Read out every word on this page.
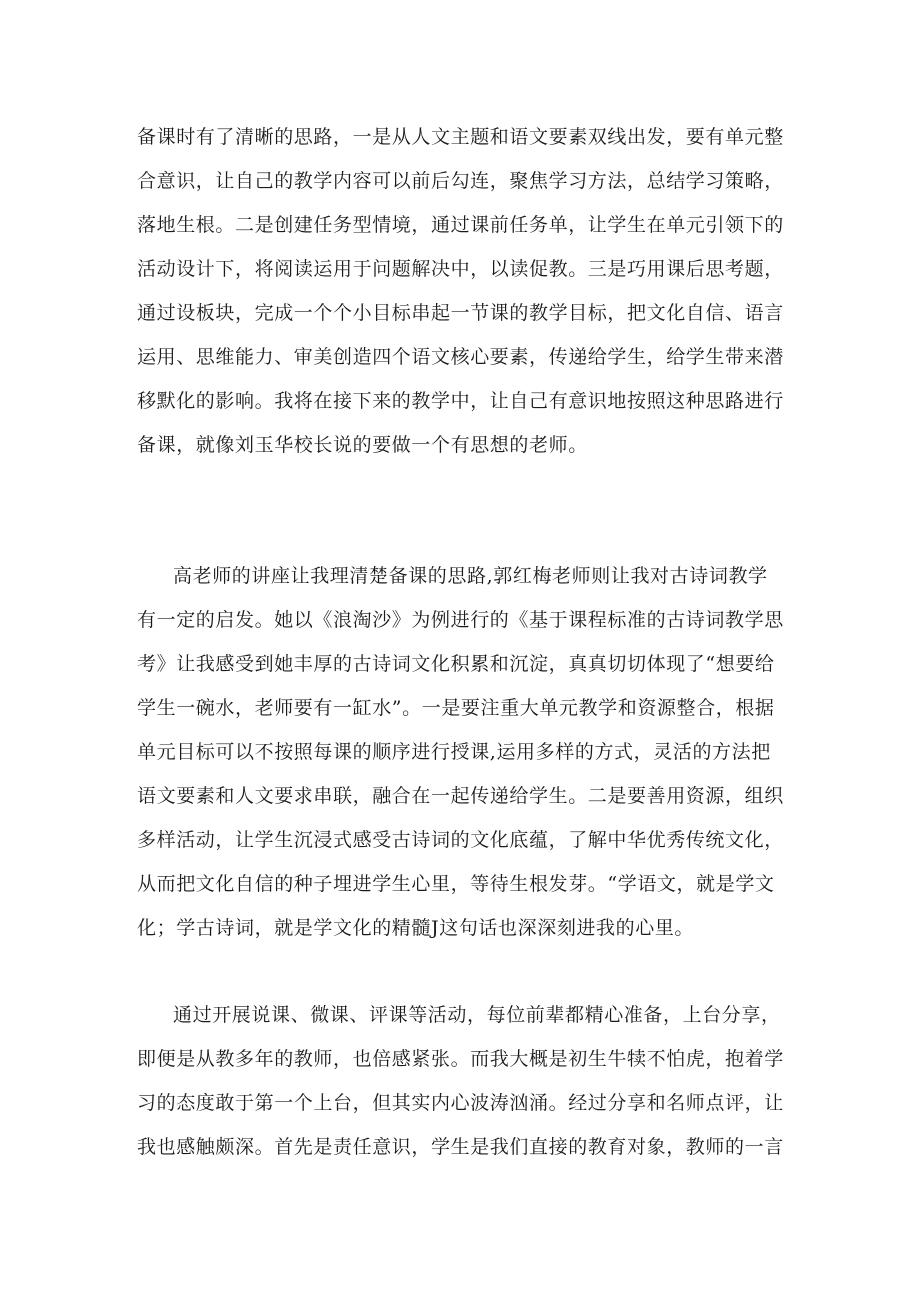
备课时有了清晰的思路，一是从人文主题和语文要素双线出发，要有单元整
合意识，让自己的教学内容可以前后勾连，聚焦学习方法，总结学习策略，
落地生根。二是创建任务型情境，通过课前任务单，让学生在单元引领下的
活动设计下，将阅读运用于问题解决中，以读促教。三是巧用课后思考题，
通过设板块，完成一个个小目标串起一节课的教学目标，把文化自信、语言
运用、思维能力、审美创造四个语文核心要素，传递给学生，给学生带来潜
移默化的影响。我将在接下来的教学中，让自己有意识地按照这种思路进行
备课，就像刘玉华校长说的要做一个有思想的老师。
高老师的讲座让我理清楚备课的思路,郭红梅老师则让我对古诗词教学
有一定的启发。她以《浪淘沙》为例进行的《基于课程标准的古诗词教学思
考》让我感受到她丰厚的古诗词文化积累和沉淀，真真切切体现了“想要给
学生一碗水，老师要有一缸水”。一是要注重大单元教学和资源整合，根据
单元目标可以不按照每课的顺序进行授课,运用多样的方式，灵活的方法把
语文要素和人文要求串联，融合在一起传递给学生。二是要善用资源，组织
多样活动，让学生沉浸式感受古诗词的文化底蕴，了解中华优秀传统文化，
从而把文化自信的种子埋进学生心里，等待生根发芽。“学语文，就是学文
化；学古诗词，就是学文化的精髓J这句话也深深刻进我的心里。
通过开展说课、微课、评课等活动，每位前辈都精心准备，上台分享，
即便是从教多年的教师，也倍感紧张。而我大概是初生牛犊不怕虎，抱着学
习的态度敢于第一个上台，但其实内心波涛汹涌。经过分享和名师点评，让
我也感触颇深。首先是责任意识，学生是我们直接的教育对象，教师的一言
